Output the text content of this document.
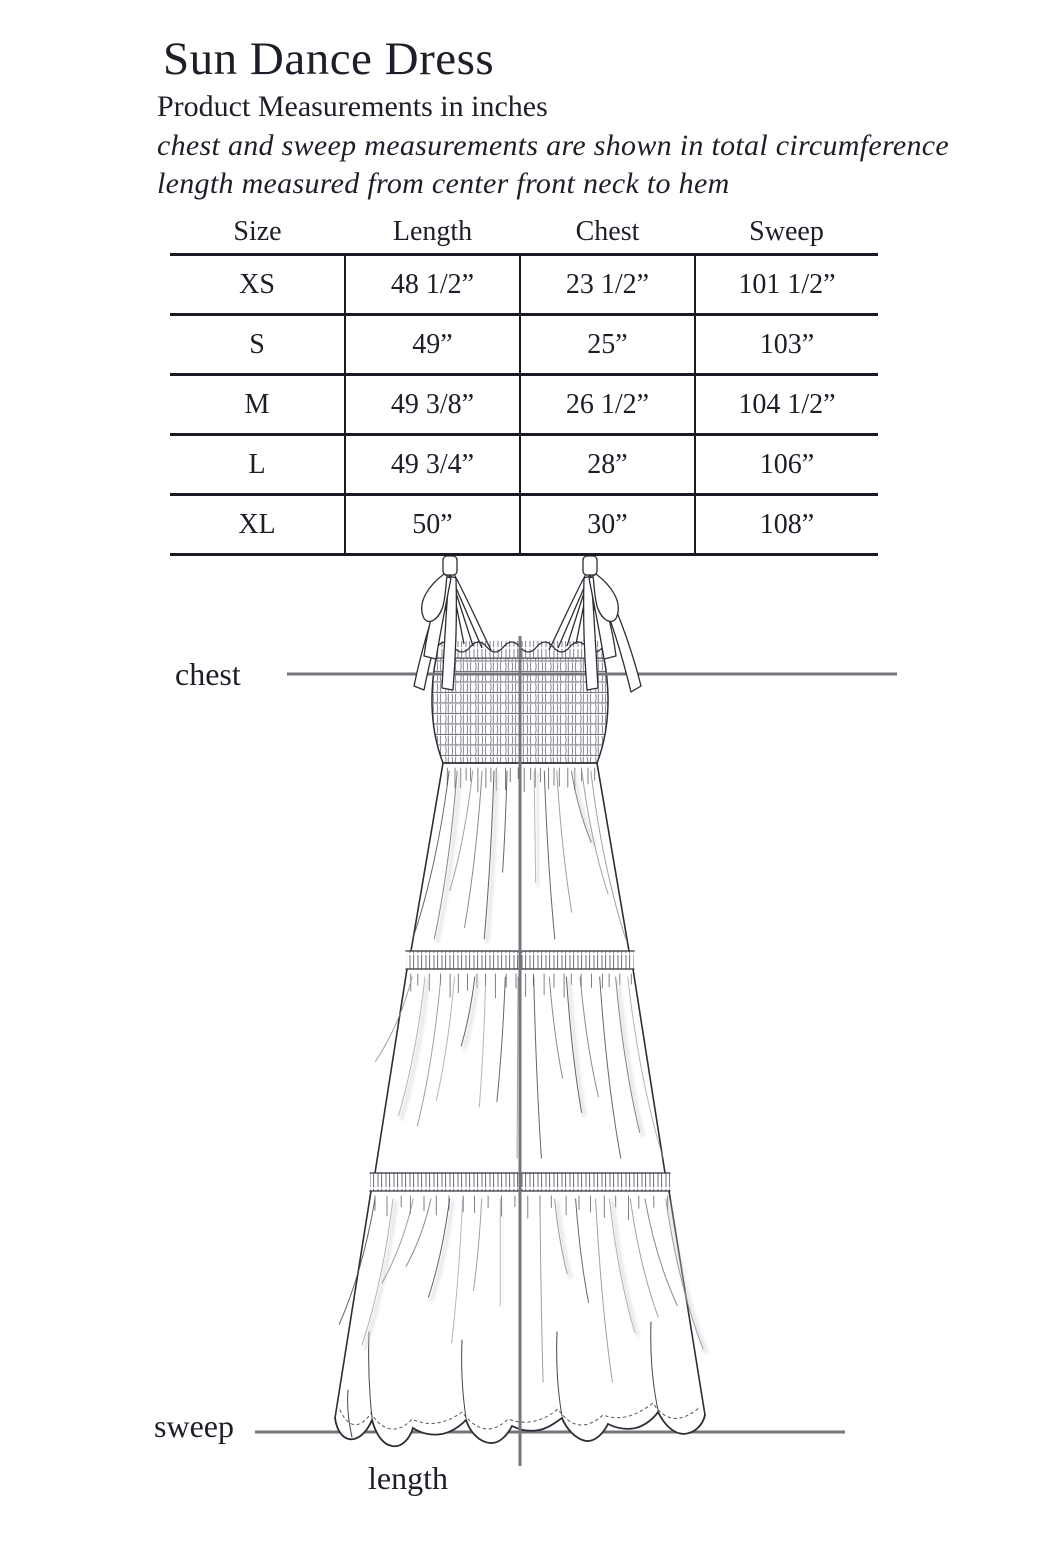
Sun Dance Dress
Product Measurements in inches
chest and sweep measurements are shown in total circumference
length measured from center front neck to hem
Size	Length	Chest	Sweep
XS	48 1/2”	23 1/2”	101 1/2”
S	49”	25”	103”
M	49 3/8”	26 1/2”	104 1/2”
L	49 3/4”	28”	106”
XL	50”	30”	108”
chest
sweep
length
